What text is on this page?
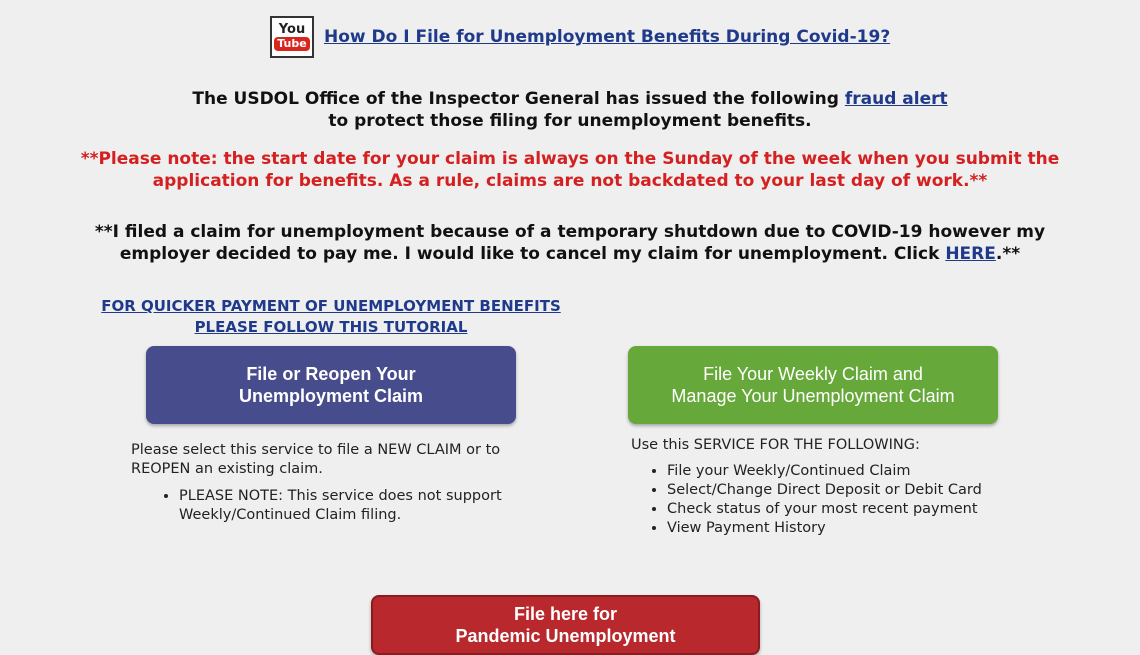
You
Tube How Do I File for Unemployment Benefits During Covid-19?
The USDOL Office of the Inspector General has issued the following fraud alert
to protect those filing for unemployment benefits.
**Please note: the start date for your claim is always on the Sunday of the week when you submit the
application for benefits. As a rule, claims are not backdated to your last day of work.**
**I filed a claim for unemployment because of a temporary shutdown due to COVID-19 however my
employer decided to pay me. I would like to cancel my claim for unemployment. Click HERE.**
FOR QUICKER PAYMENT OF UNEMPLOYMENT BENEFITS
PLEASE FOLLOW THIS TUTORIAL
File or Reopen Your
Unemployment Claim
File Your Weekly Claim and
Manage Your Unemployment Claim
Please select this service to file a NEW CLAIM or to REOPEN an existing claim.
• PLEASE NOTE: This service does not support Weekly/Continued Claim filing.
Use this SERVICE FOR THE FOLLOWING:
• File your Weekly/Continued Claim
• Select/Change Direct Deposit or Debit Card
• Check status of your most recent payment
• View Payment History
File here for
Pandemic Unemployment
